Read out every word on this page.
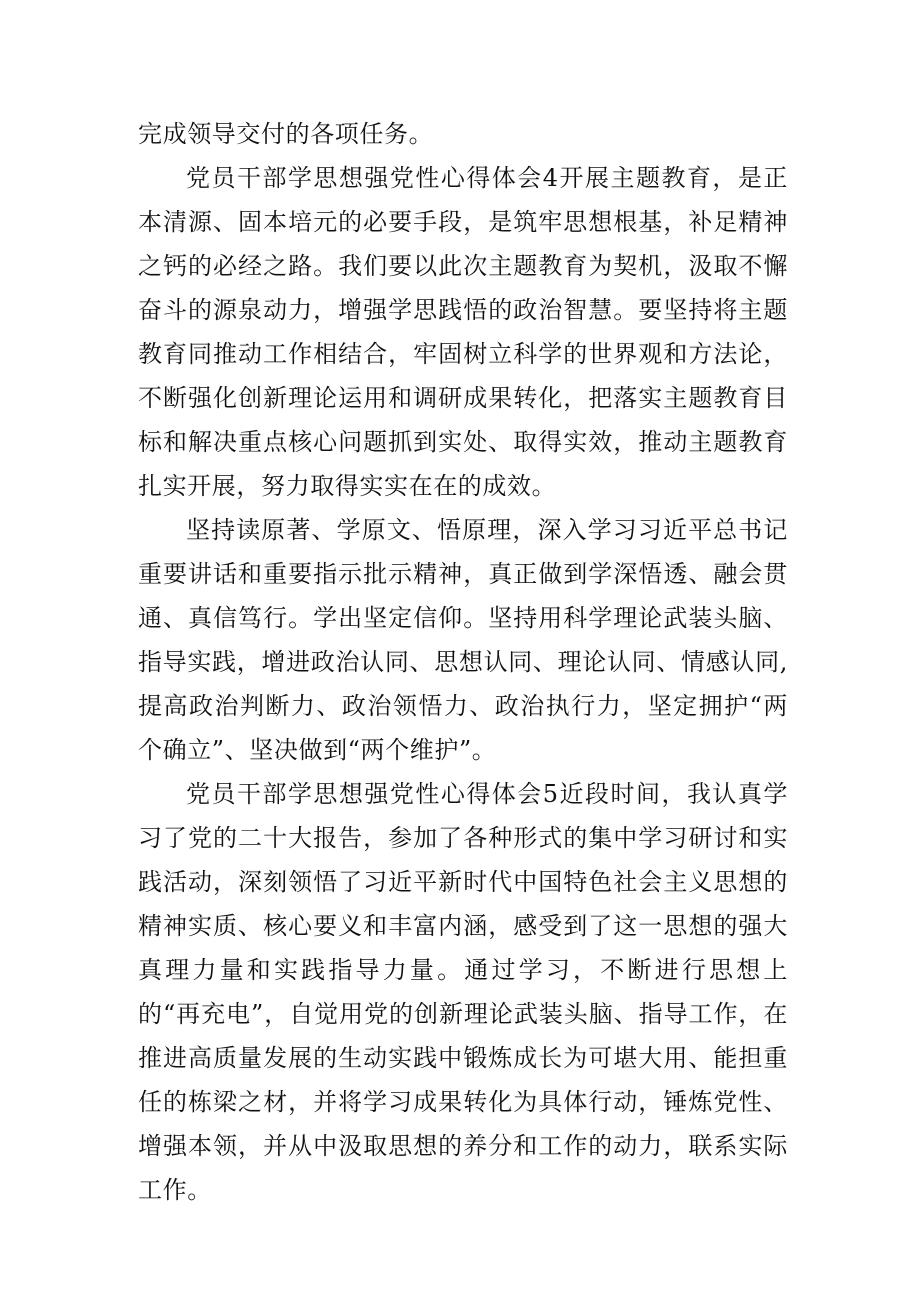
完成领导交付的各项任务。

党员干部学思想强党性心得体会4开展主题教育，是正本清源、固本培元的必要手段，是筑牢思想根基，补足精神之钙的必经之路。我们要以此次主题教育为契机，汲取不懈奋斗的源泉动力，增强学思践悟的政治智慧。要坚持将主题教育同推动工作相结合，牢固树立科学的世界观和方法论，不断强化创新理论运用和调研成果转化，把落实主题教育目标和解决重点核心问题抓到实处、取得实效，推动主题教育扎实开展，努力取得实实在在的成效。

坚持读原著、学原文、悟原理，深入学习习近平总书记重要讲话和重要指示批示精神，真正做到学深悟透、融会贯通、真信笃行。学出坚定信仰。坚持用科学理论武装头脑、指导实践，增进政治认同、思想认同、理论认同、情感认同,提高政治判断力、政治领悟力、政治执行力，坚定拥护“两个确立”、坚决做到“两个维护”。

党员干部学思想强党性心得体会5近段时间，我认真学习了党的二十大报告，参加了各种形式的集中学习研讨和实践活动，深刻领悟了习近平新时代中国特色社会主义思想的精神实质、核心要义和丰富内涵，感受到了这一思想的强大真理力量和实践指导力量。通过学习，不断进行思想上的“再充电”，自觉用党的创新理论武装头脑、指导工作，在推进高质量发展的生动实践中锻炼成长为可堪大用、能担重任的栋梁之材，并将学习成果转化为具体行动，锤炼党性、增强本领，并从中汲取思想的养分和工作的动力，联系实际工作。
